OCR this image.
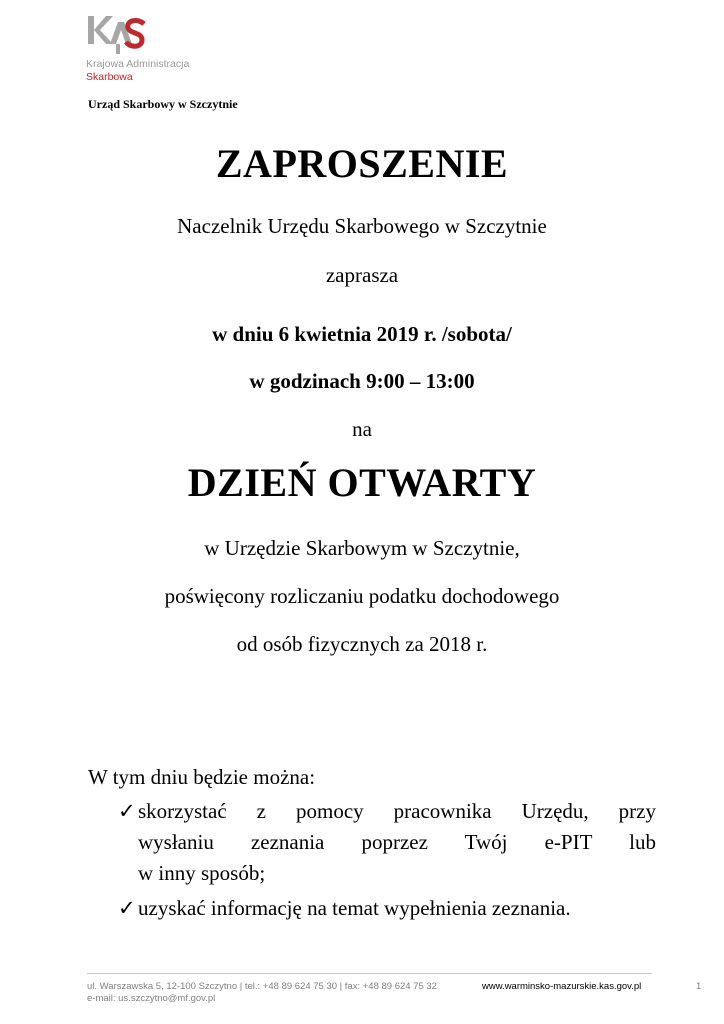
Krajowa Administracja
Skarbowa
Urząd Skarbowy w Szczytnie
ZAPROSZENIE
Naczelnik Urzędu Skarbowego w Szczytnie
zaprasza
w dniu 6 kwietnia 2019 r. /sobota/
w godzinach 9:00 – 13:00
na
DZIEŃ OTWARTY
w Urzędzie Skarbowym w Szczytnie,
poświęcony rozliczaniu podatku dochodowego
od osób fizycznych za 2018 r.
W tym dniu będzie można:
✓ skorzystać z pomocy pracownika Urzędu, przy
wysłaniu zeznania poprzez Twój e-PIT lub
w inny sposób;
✓ uzyskać informację na temat wypełnienia zeznania.
ul. Warszawska 5, 12-100 Szczytno | tel.: +48 89 624 75 30 | fax: +48 89 624 75 32
e-mail: us.szczytno@mf.gov.pl
www.warminsko-mazurskie.kas.gov.pl	1
